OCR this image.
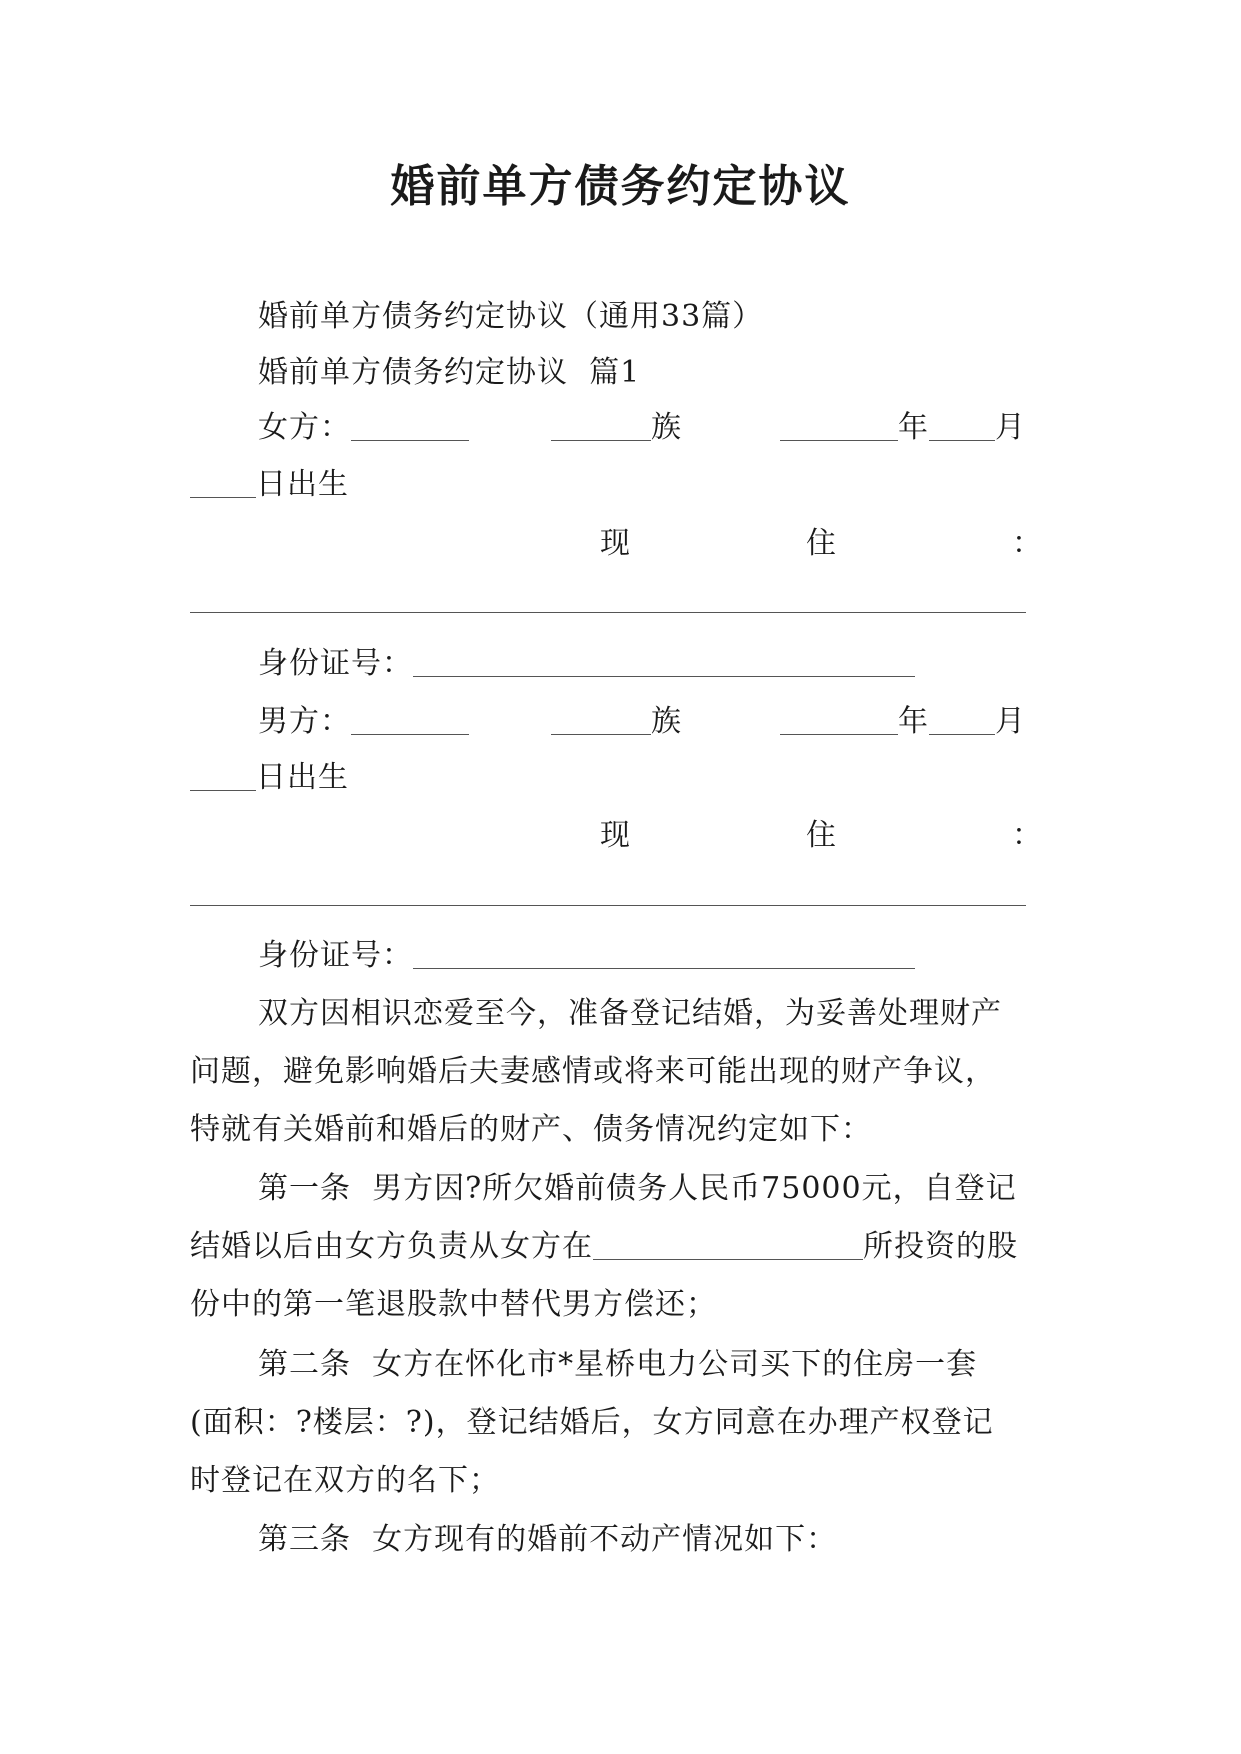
婚前单方债务约定协议
婚前单方债务约定协议（通用33篇）
婚前单方债务约定协议  篇1
女方：	族	年 月
日出生
现	住	：
身份证号：
男方：	族	年 月
日出生
现	住	：
身份证号：
双方因相识恋爱至今，准备登记结婚，为妥善处理财产
问题，避免影响婚后夫妻感情或将来可能出现的财产争议，
特就有关婚前和婚后的财产、债务情况约定如下：
第一条  男方因?所欠婚前债务人民币75000元，自登记
结婚以后由女方负责从女方在	所投资的股
份中的第一笔退股款中替代男方偿还；
第二条  女方在怀化市*星桥电力公司买下的住房一套
(面积：?楼层：?)，登记结婚后，女方同意在办理产权登记
时登记在双方的名下；
第三条  女方现有的婚前不动产情况如下：
